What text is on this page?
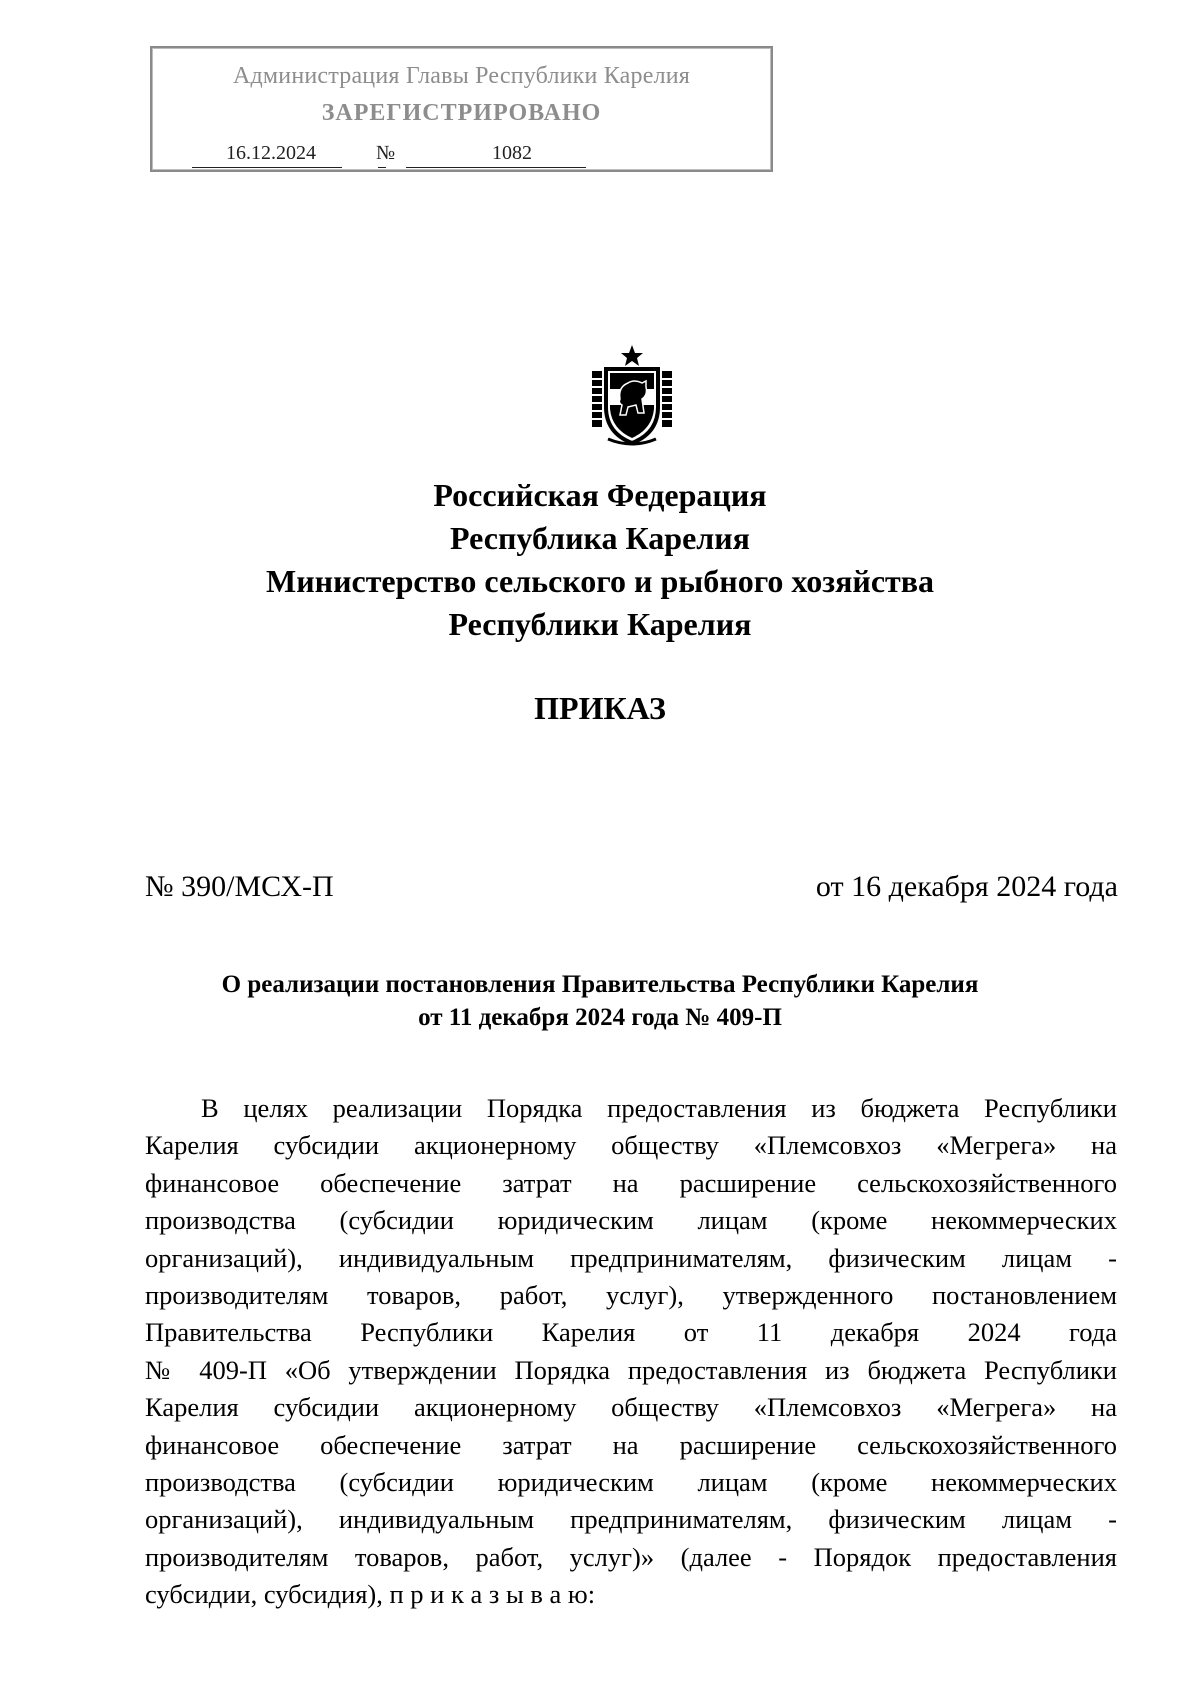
Администрация Главы Республики Карелия
ЗАРЕГИСТРИРОВАНО
16.12.2024	№	1082
Российская Федерация
Республика Карелия
Министерство сельского и рыбного хозяйства
Республики Карелия
ПРИКАЗ
№ 390/МСХ-П	от 16 декабря 2024 года
О реализации постановления Правительства Республики Карелия
от 11 декабря 2024 года № 409-П
В целях реализации Порядка предоставления из бюджета Республики
Карелия субсидии акционерному обществу «Племсовхоз «Мегрега» на
финансовое обеспечение затрат на расширение сельскохозяйственного
производства (субсидии юридическим лицам (кроме некоммерческих
организаций), индивидуальным предпринимателям, физическим лицам -
производителям товаров, работ, услуг), утвержденного постановлением
Правительства Республики Карелия от 11 декабря 2024 года
№ 409-П «Об утверждении Порядка предоставления из бюджета Республики
Карелия субсидии акционерному обществу «Племсовхоз «Мегрега» на
финансовое обеспечение затрат на расширение сельскохозяйственного
производства (субсидии юридическим лицам (кроме некоммерческих
организаций), индивидуальным предпринимателям, физическим лицам -
производителям товаров, работ, услуг)» (далее - Порядок предоставления
субсидии, субсидия), п р и к а з ы в а ю:
